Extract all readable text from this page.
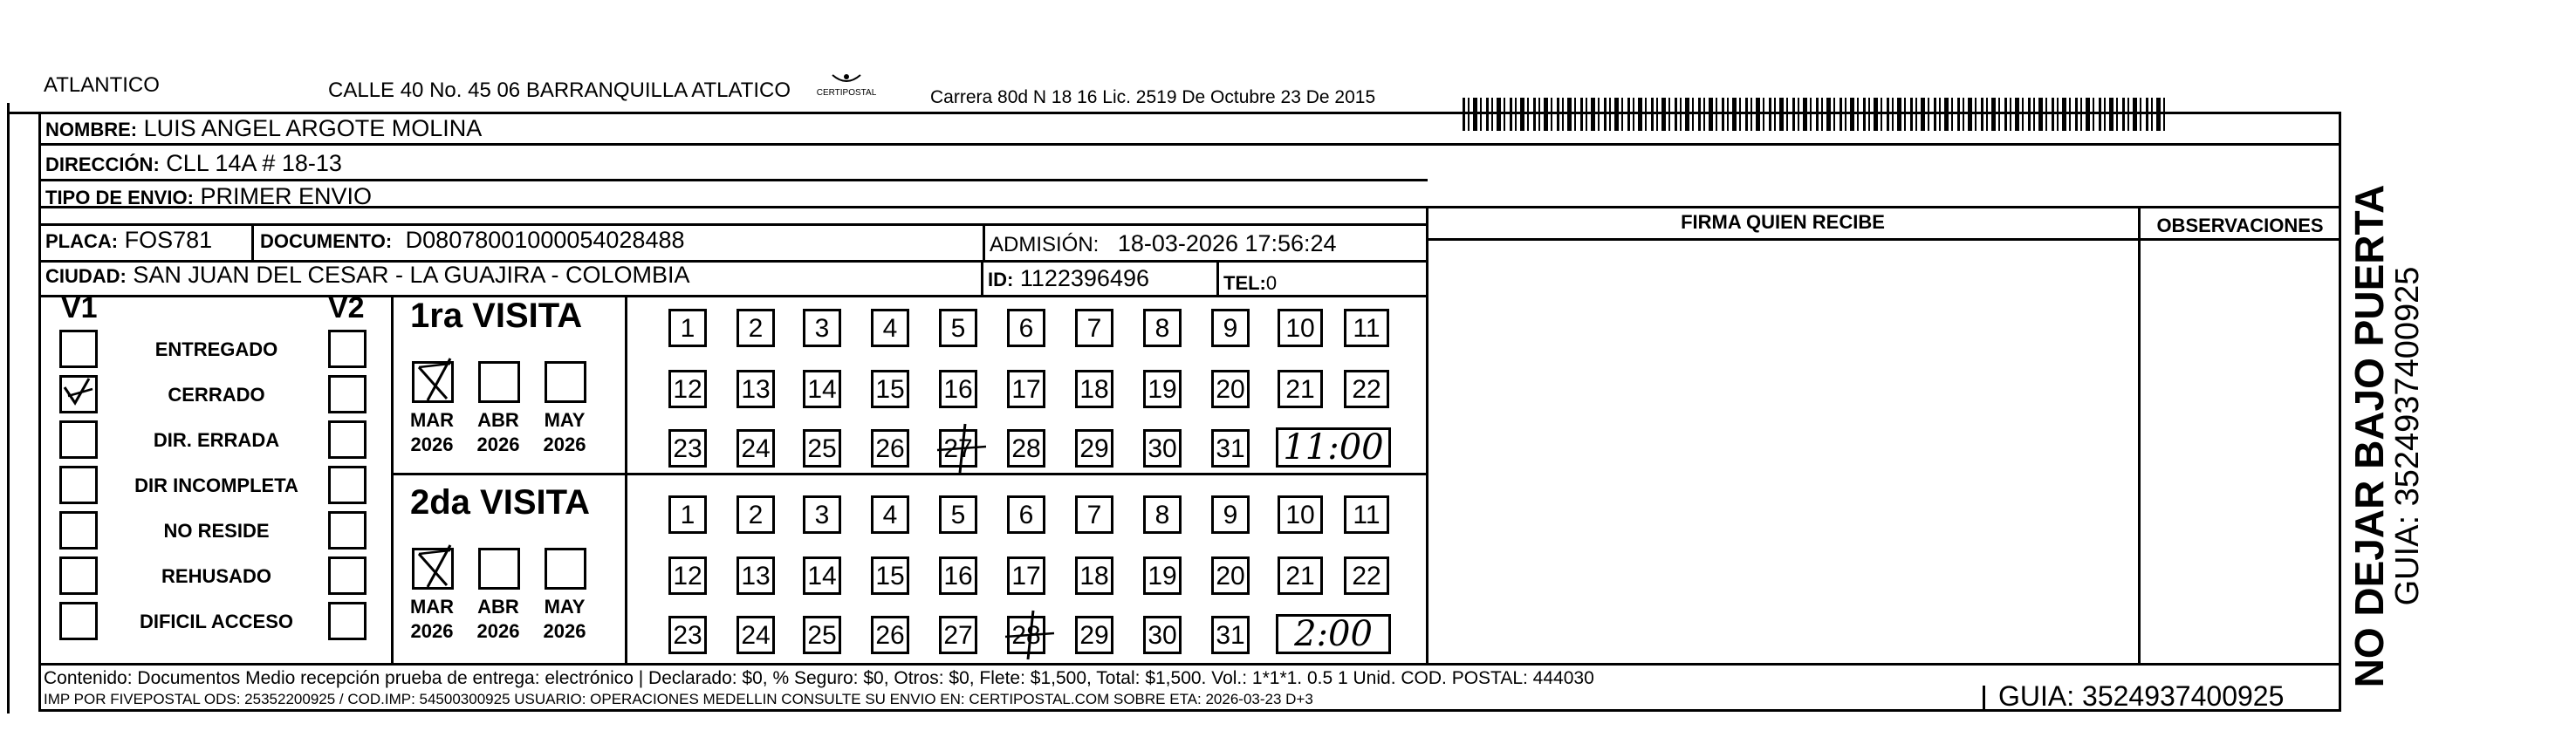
ATLANTICO	CALLE 40 No. 45 06 BARRANQUILLA ATLATICO	CERTIPOSTAL	Carrera 80d N 18 16 Lic. 2519 De Octubre 23 De 2015
NOMBRE: LUIS ANGEL ARGOTE MOLINA
DIRECCIÓN: CLL 14A # 18-13
TIPO DE ENVIO: PRIMER ENVIO
PLACA: FOS781 DOCUMENTO: D08078001000054028488	ADMISIÓN: 18-03-2026 17:56:24
CIUDAD: SAN JUAN DEL CESAR - LA GUAJIRA - COLOMBIA	ID: 1122396496	TEL:0
FIRMA QUIEN RECIBE	OBSERVACIONES
V1	V2
ENTREGADO
CERRADO
DIR. ERRADA
DIR INCOMPLETA
NO RESIDE
REHUSADO
DIFICIL ACCESO
1ra VISITA
MAR
2026
ABR
2026
MAY
2026
1	2	3	4	5	6	7	8	9	10	11
12 13 14 15 16 17 18 19 20	21	22
23 24 25 26 27 28 29 30 31 11:00
2da VISITA
MAR
2026
ABR
2026
MAY
2026
1	2	3	4	5	6	7	8	9	10	11
12 13 14 15 16 17 18 19 20	21	22
23 24 25 26 27 28 29 30 31	2:00
Contenido: Documentos Medio recepción prueba de entrega: electrónico | Declarado: $0, % Seguro: $0, Otros: $0, Flete: $1,500, Total: $1,500. Vol.: 1*1*1. 0.5 1 Unid. COD. POSTAL: 444030
IMP POR FIVEPOSTAL ODS: 25352200925 / COD.IMP: 54500300925 USUARIO: OPERACIONES MEDELLIN CONSULTE SU ENVIO EN: CERTIPOSTAL.COM SOBRE ETA: 2026-03-23 D+3	GUIA: 3524937400925
NO DEJAR BAJO PUERTA
GUIA: 3524937400925
